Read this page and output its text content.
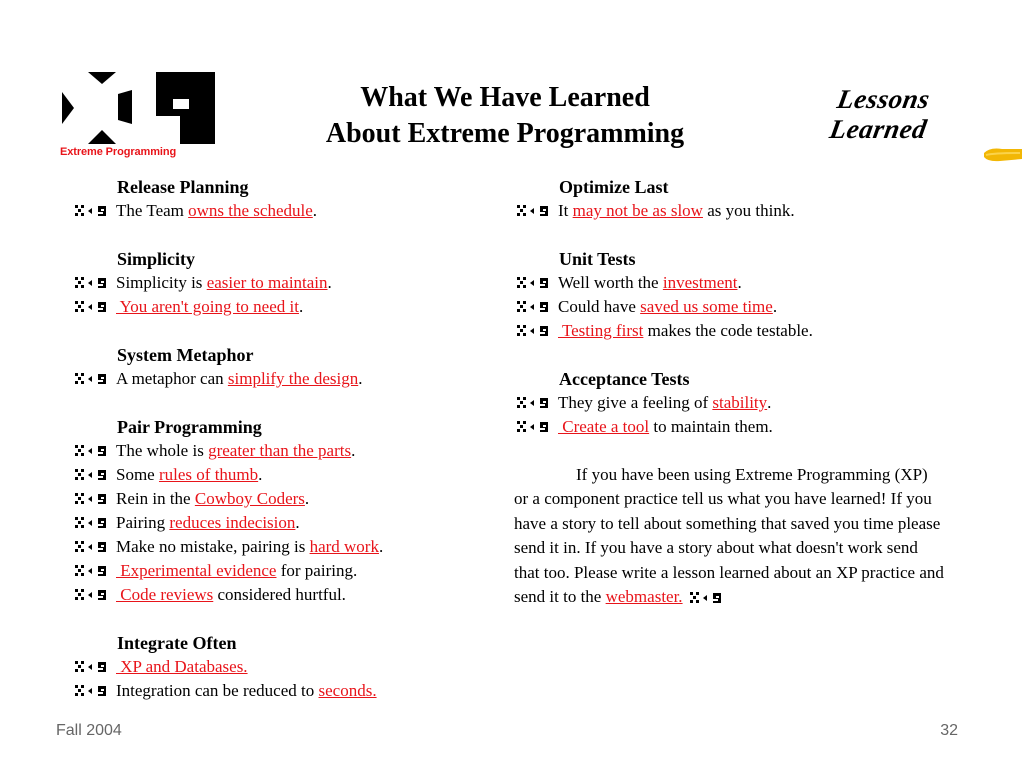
Extreme Programming
What We Have Learned
About Extreme Programming
Lessons
Learned
Release Planning
The Team owns the schedule .
Simplicity
Simplicity is easier to maintain .
You aren't going to need it .
System Metaphor
A metaphor can simplify the design .
Pair Programming
The whole is greater than the parts .
Some rules of thumb .
Rein in the Cowboy Coders .
Pairing reduces indecision .
Make no mistake, pairing is hard work .
Experimental evidence for pairing.
Code reviews considered hurtful.
Integrate Often
XP and Databases.
Integration can be reduced to seconds.
Optimize Last
It may not be as slow as you think.
Unit Tests
Well worth the investment .
Could have saved us some time .
Testing first makes the code testable.
Acceptance Tests
They give a feeling of stability .
Create a tool to maintain them.
If you have been using Extreme Programming (XP) or a component practice tell us what you have learned! If you have a story to tell about something that saved you time please send it in. If you have a story about what doesn't work send that too. Please write a lesson learned about an XP practice and send it to the webmaster.
Fall 2004	32
